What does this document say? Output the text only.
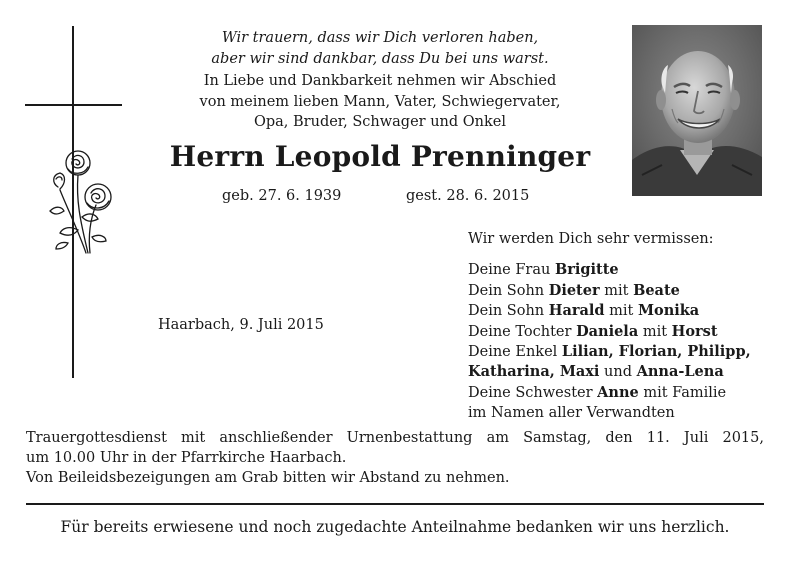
Wir trauern, dass wir Dich verloren haben,
aber wir sind dankbar, dass Du bei uns warst.
In Liebe und Dankbarkeit nehmen wir Abschied
von meinem lieben Mann, Vater, Schwiegervater,
Opa, Bruder, Schwager und Onkel
Herrn Leopold Prenninger
geb. 27. 6. 1939	gest. 28. 6. 2015
Haarbach, 9. Juli 2015
Wir werden Dich sehr vermissen:
Deine Frau Brigitte
Dein Sohn Dieter mit Beate
Dein Sohn Harald mit Monika
Deine Tochter Daniela mit Horst
Deine Enkel Lilian, Florian, Philipp,
Katharina, Maxi und Anna-Lena
Deine Schwester Anne mit Familie
im Namen aller Verwandten
Trauergottesdienst mit anschließender Urnenbestattung am Samstag, den 11. Juli 2015,
um 10.00 Uhr in der Pfarrkirche Haarbach.
Von Beileidsbezeigungen am Grab bitten wir Abstand zu nehmen.
Für bereits erwiesene und noch zugedachte Anteilnahme bedanken wir uns herzlich.
